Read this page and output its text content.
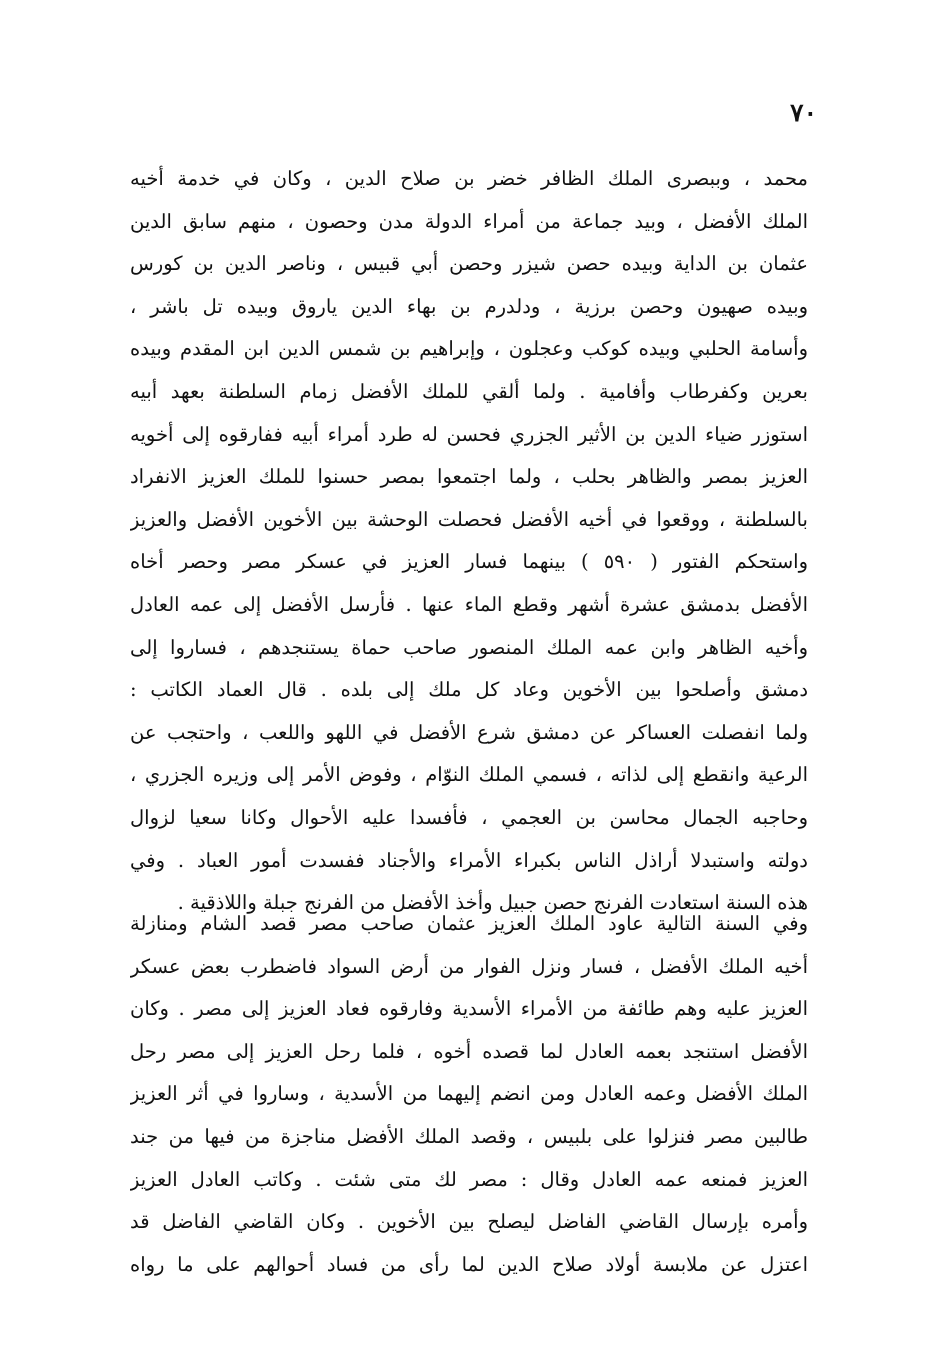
٧٠

محمد ، وببصرى الملك الظافر خضر بن صلاح الدين ، وكان في خدمة أخيه
الملك الأفضل ، وبيد جماعة من أمراء الدولة مدن وحصون ، منهم سابق الدين
عثمان بن الداية وبيده حصن شيزر وحصن أبي قبيس ، وناصر الدين بن كورس
وبيده صهيون وحصن برزية ، ودلدرم بن بهاء الدين ياروق وبيده تل باشر ،
وأسامة الحلبي وبيده كوكب وعجلون ، وإبراهيم بن شمس الدين ابن المقدم وبيده
بعرين وكفرطاب وأفامية . ولما ألقي للملك الأفضل زمام السلطنة بعهد أبيه
استوزر ضياء الدين بن الأثير الجزري فحسن له طرد أمراء أبيه ففارقوه إلى أخويه
العزيز بمصر والظاهر بحلب ، ولما اجتمعوا بمصر حسنوا للملك العزيز الانفراد
بالسلطنة ، ووقعوا في أخيه الأفضل فحصلت الوحشة بين الأخوين الأفضل والعزيز
واستحكم الفتور ( ٥٩٠ ) بينهما فسار العزيز في عسكر مصر وحصر أخاه
الأفضل بدمشق عشرة أشهر وقطع الماء عنها . فأرسل الأفضل إلى عمه العادل
وأخيه الظاهر وابن عمه الملك المنصور صاحب حماة يستنجدهم ، فساروا إلى
دمشق وأصلحوا بين الأخوين وعاد كل ملك إلى بلده . قال العماد الكاتب :
ولما انفصلت العساكر عن دمشق شرع الأفضل في اللهو واللعب ، واحتجب عن
الرعية وانقطع إلى لذاته ، فسمي الملك النوّام ، وفوض الأمر إلى وزيره الجزري ،
وحاجبه الجمال محاسن بن العجمي ، فأفسدا عليه الأحوال وكانا سعيا لزوال
دولته واستبدلا أراذل الناس بكبراء الأمراء والأجناد ففسدت أمور العباد . وفي
هذه السنة استعادت الفرنج حصن جبيل وأخذ الأفضل من الفرنج جبلة واللاذقية .
وفي السنة التالية عاود الملك العزيز عثمان صاحب مصر قصد الشام ومنازلة
أخيه الملك الأفضل ، فسار ونزل الفوار من أرض السواد فاضطرب بعض عسكر
العزيز عليه وهم طائفة من الأمراء الأسدية وفارقوه فعاد العزيز إلى مصر . وكان
الأفضل استنجد بعمه العادل لما قصده أخوه ، فلما رحل العزيز إلى مصر رحل
الملك الأفضل وعمه العادل ومن انضم إليهما من الأسدية ، وساروا في أثر العزيز
طالبين مصر فنزلوا على بلبيس ، وقصد الملك الأفضل مناجزة من فيها من جند
العزيز فمنعه عمه العادل وقال : مصر لك متى شئت . وكاتب العادل العزيز
وأمره بإرسال القاضي الفاضل ليصلح بين الأخوين . وكان القاضي الفاضل قد
اعتزل عن ملابسة أولاد صلاح الدين لما رأى من فساد أحوالهم على ما رواه
